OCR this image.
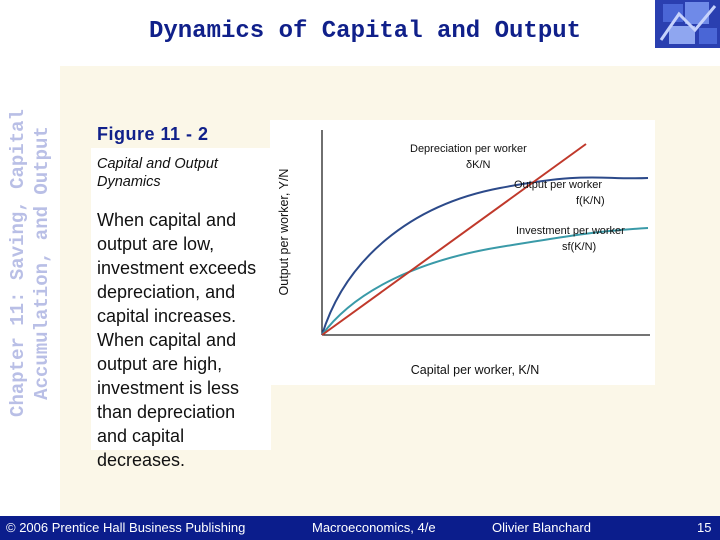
Dynamics of Capital and Output
Chapter 11: Saving, Capital Accumulation, and Output Figure 11 - 2
Capital and Output Dynamics
When capital and output are low, investment exceeds depreciation, and capital increases. When capital and output are high, investment is less than depreciation and capital decreases.
Output per worker, Y/N
Capital per worker, K/N
Depreciation per worker
δK/N
Output per worker
f(K/N)
Investment per worker
sf(K/N)
© 2006 Prentice Hall Business Publishing	Macroeconomics, 4/e	Olivier Blanchard	15
